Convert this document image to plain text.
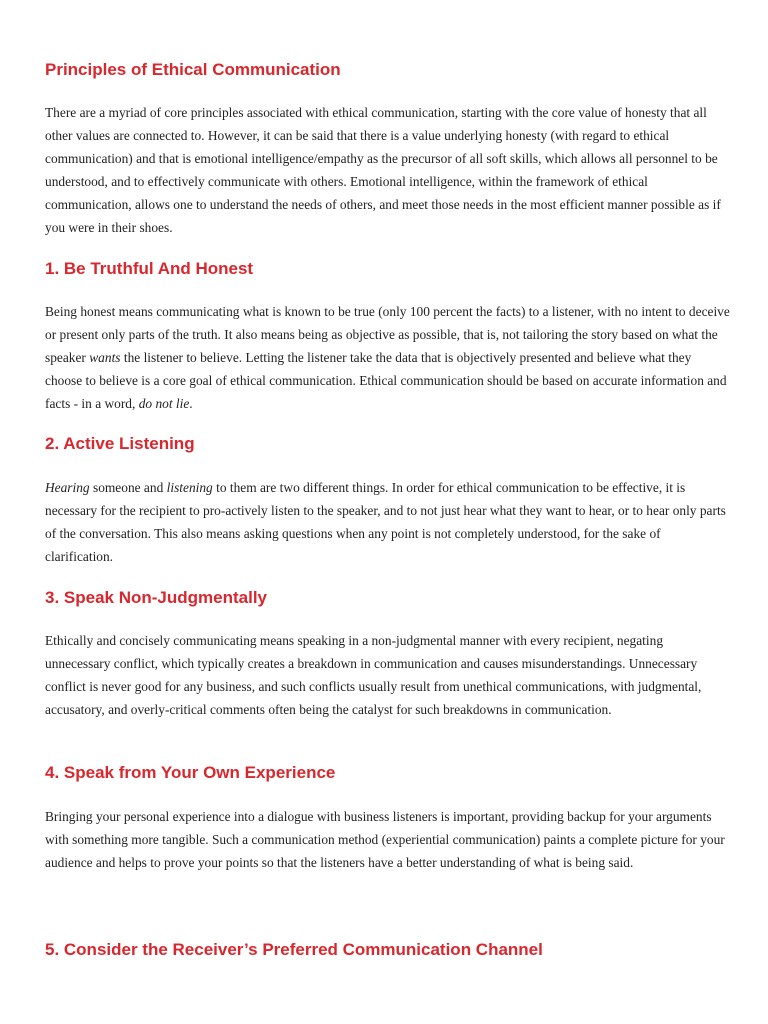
Principles of Ethical Communication

There are a myriad of core principles associated with ethical communication, starting with the core value of honesty that all other values are connected to. However, it can be said that there is a value underlying honesty (with regard to ethical communication) and that is emotional intelligence/empathy as the precursor of all soft skills, which allows all personnel to be understood, and to effectively communicate with others. Emotional intelligence, within the framework of ethical communication, allows one to understand the needs of others, and meet those needs in the most efficient manner possible as if you were in their shoes.

1. Be Truthful And Honest

Being honest means communicating what is known to be true (only 100 percent the facts) to a listener, with no intent to deceive or present only parts of the truth. It also means being as objective as possible, that is, not tailoring the story based on what the speaker wants the listener to believe. Letting the listener take the data that is objectively presented and believe what they choose to believe is a core goal of ethical communication. Ethical communication should be based on accurate information and facts - in a word, do not lie.

2. Active Listening

Hearing someone and listening to them are two different things. In order for ethical communication to be effective, it is necessary for the recipient to pro-actively listen to the speaker, and to not just hear what they want to hear, or to hear only parts of the conversation. This also means asking questions when any point is not completely understood, for the sake of clarification.

3. Speak Non-Judgmentally

Ethically and concisely communicating means speaking in a non-judgmental manner with every recipient, negating unnecessary conflict, which typically creates a breakdown in communication and causes misunderstandings. Unnecessary conflict is never good for any business, and such conflicts usually result from unethical communications, with judgmental, accusatory, and overly-critical comments often being the catalyst for such breakdowns in communication.

4. Speak from Your Own Experience

Bringing your personal experience into a dialogue with business listeners is important, providing backup for your arguments with something more tangible. Such a communication method (experiential communication) paints a complete picture for your audience and helps to prove your points so that the listeners have a better understanding of what is being said.

5. Consider the Receiver’s Preferred Communication Channel
